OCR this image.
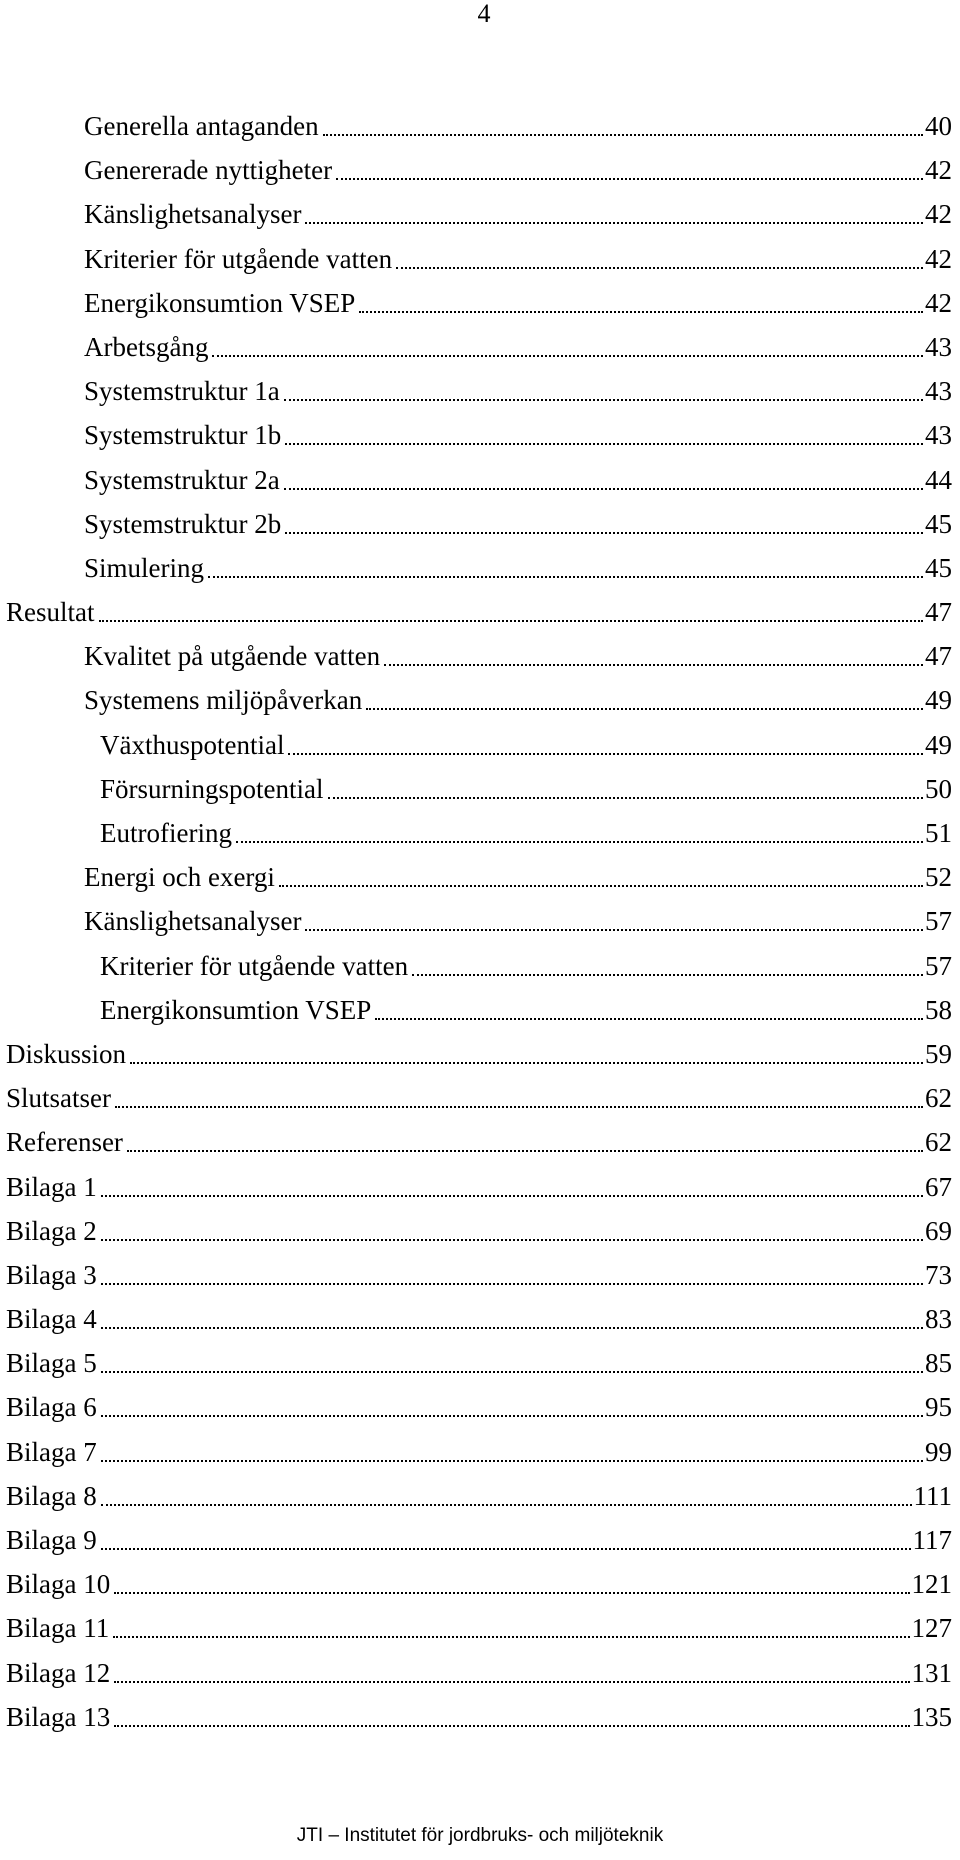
4
Generella antaganden	40
Genererade nyttigheter	42
Känslighetsanalyser	42
Kriterier för utgående vatten	42
Energikonsumtion VSEP	42
Arbetsgång	43
Systemstruktur 1a	43
Systemstruktur 1b	43
Systemstruktur 2a	44
Systemstruktur 2b	45
Simulering	45
Resultat	47
Kvalitet på utgående vatten	47
Systemens miljöpåverkan	49
Växthuspotential	49
Försurningspotential	50
Eutrofiering	51
Energi och exergi	52
Känslighetsanalyser	57
Kriterier för utgående vatten	57
Energikonsumtion VSEP	58
Diskussion	59
Slutsatser	62
Referenser	62
Bilaga 1	67
Bilaga 2	69
Bilaga 3	73
Bilaga 4	83
Bilaga 5	85
Bilaga 6	95
Bilaga 7	99
Bilaga 8	111
Bilaga 9	117
Bilaga 10	121
Bilaga 11	127
Bilaga 12	131
Bilaga 13	135
JTI – Institutet för jordbruks- och miljöteknik
